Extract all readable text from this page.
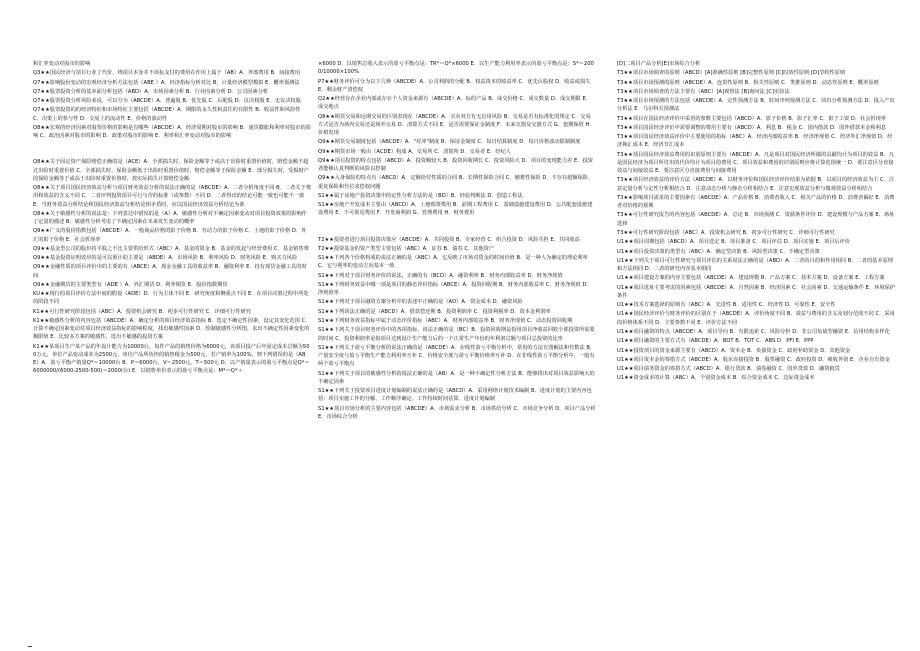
和汇率变动对股市的影响
Q3★★国民经济与项目行业了代价，绕项目本身并不该标支付的费用在作用上属于（AB）A．外部费用 B．间接费用
Q7★★影响股份变动的宏观经济分析方法包括（ABE ）A．经济指标分析对比 B．计量经济模型模拟 E．概率预测法
Q7★★股票投资分析的基本面分析包括（ABD）A．市场因素分析 B．行业因素分析 D．公司因素分析
Q7★★股票投资分析风险来说，可以分为（ABCDE）A．普遍股 B．优先股 C．后配股 D．议决权股 E．无议决权股
Q7★★股票投资的的经济特征和市场特征主要包括（ABCDE）A．期限的永久性和责任的有限性 B．收益性和风险性 C．决策上的参与性 D．交易上的流动性 E．价格的波动性
Q8★★宏观的经济因素对股票价格的影响是有哪些（ABCDE）A．经济周期对股市的影响 B．通货膨胀和利率对股市的影响 C．政治因素对股市的影响 D．政策对股市的影响 E．利率和汇率变动对股市的影响
Q8★★关于固定资产保险赔偿正确的是（ACE）A．全部损失时，保险金额等于或高于出险时重置价值时，赔偿金额不超过出险时重置价值 C．全部损失时，保险金额低于出险时重置价值时，赔偿金额等于保险金额 E．部分损失时，受损财产的保险金额等于或高于出险时重置价值时，按实际损失计算赔偿金额
Q8★★关于项目国民经济效益分析与项目财务效益分析的说法正确的是（ABCDE）A．二者分析角度不同 B．二者关于费用和效益的含义不同 C．二者评判投资项目可行与否的标准（或参数）不同 D．二者得出的结论可能一致也可能不一致 E．当财务效益分析结论和国民经济效益分析结论相矛盾时，应以国民经济效益分析结论为准
Q8★★关于敏感性分析的说法是：下列表达中错误的是（A）A．敏感性分析对不确定因素变动对项目投资效果的影响作了定量的描述 B．敏感性分析考虑了不确定因素在未来发生变动的概率
Q9★★广义的股价指数包括（ABCDE）A．一般商品价格的影子价格 B．劳动力的影子价格 C．土地的影子价格 D．外汇的影子价格 E．社会折现率
Q9★★基金型公司的股价持平股之不比主要供给形式（ABC）A．基金的资金 B．基金的发起与经营费用 C．基金销售费
Q9★★基金投资证明效应的是可以预计的主要是（ABDE）A．市场风险 B．利率风险 D．财务风险 E．购买力风险
Q9★★金融性质的项目评价中的主要的有（ABCE）A．现金金融工具的收益率 B．融资利率 E．持有现货金融工具的时间
Q9★★金融期货的主要类型有（ADE ）A．外汇期货 D．利率期货 E．股价指数期货
KU★★现行的项目评价方法中间的假设（ADE）D．行为主体不同 E．研究角度和侧重点不同 E．在项目决策过程中所处的阶段不同
K1★★可行性研究阶段包括（ABC）A．投资机会研究 B．初步可行性研究 C．详细可行性研究
K1★★敏感性分析的内容包括（ABCDE）A．确定分析的项目经济效益指标 B．选定不确定性因素，设定其变化范围 C．计算不确定因素变动对项目经济效益指标的影响程度，找出敏感性因素 D．绘制敏感性分析图，求出不确定性因素变化的极限值 E．比较多方案的敏感性，选出不敏感的投资方案
K1★★某项目生产某产品的年设计能力为10000台，每件产品的销售价格为6000元，该项目投产后年固定成本总额为500万元，单位产品变动成本为2500元，单位产品所负担的销售税金为500元，若产销率为100%，则下列错误的是（ABE）A．盈亏平衡产销量Q*＝10000台 B．P＝6000台，V＝2500元，T＝500元 D．以产销量表示的盈亏平衡点是Q*＝6000000/(6000-2500-500)＝2000(台) E．以销售单价表示的盈亏平衡点是：M*＝Q*＋
×6000 D．以销售总收入表示的盈亏平衡点是：TR*＝Q*×6000 E．以生产能力利用率表示的盈亏平衡点是：S*＝2000/10000×100%
P7★★财务评价可分为以下几种（ABCDE）A．公司利润的分配 B．权益资本的收益率 C．优先认股权 D．收益或损失 E．剩余财产清偿权
Q2★★经营存在企业内部或存在个人资金来源有（ABCDE）A．标的产品 B．成交价格 C．成交数量 D．成交期限 E．成交地点
Q8★★期货交易和远期交易的区别表现在（ABCDE）A．买卖双方有无信用风险 B．交易是否有标准化的规定 C．交易方式是否为场内交易还是场外交易 D．清算方式不同 E．是否需要保证金制度 F．未来交割及交割方式 G．套期保值 H．价格发现
Q9★★期货交易制度包括（ABCDE）A．"对冲"制度 B．保证金制度 C．每日结算制度 D．每日价格波动限制制度
Q9★★期货市场一般由（ACDE）构成 A．交易所 C．清算所 D．交易者 E．经纪人
Q9★★项目投资的特点包括（ABCD）A．投资额较大 B．投资回收期长 C．投资风险大 D．项目的变现能力差 E．投资者能够认真判断的风险以控制
Q9★★入身保险的特点有（ABCD）A．定额给付性质的合同 B．长期性保险合同 C．储蓄性保险 D．不存在超额保险、重复保险和代位求偿权问题
S1★★属于房地产投资决策中的定性分析方法的是（BD）B．经验判断法 D．创造工程法
S1★★房地产开发成本主要由（ABCD）A．土地购置费用 B．前期工程费用 C．基础设施建设费用 D．公共配套设施建设费用 E．不可预见费用 F．开发商利润 G．管理费用 H．财务费用
T2★★投资者进行项目投资决策应（ABCDE）A．共同投资 B．专家经营 C．组合投资 D．风险共担 E．共同收益
T2★★投资基金的资产类型主要包括（ABC）A．证券 B．债券 C．其他资产
S1★★下列各个价格构成的说法正确的是（ABC）A．它反映了市场对资金的时间价值 B．是一种人为确定的理论利率 C．它与利率的变动方向基本一致
S1★★下列对于项目财务评价的说法，正确的有（BCD）A．融资利率 B．财务内部收益率 D．财务净现值
S1★★下列财务效益中哪一项是项目的静态评价指标（ABCE）A．投资回收期 B．财务内部收益率 C．财务净现值 D．净现值率
S1★★下列对于项目融资方案分析中的表述中正确的是（AD）A．资金成本 D．融资风险
S1★★下列说法正确的是（ABCD）A．借款偿还期 B．投资利润率 C．投资利税率 D．资本金利润率
S1★★下列财务效益指标中属于动态评价指标（ABC）A．财务内部收益率 B．财务净现值 C．动态投资回收期
S1★★下列关于项目财务评价中的各项指标，说法正确的是（BC）B．投资回收期是指用项目净收益回收全部投资所需要的时间 C．投资利润率是指项目达到设计生产能力后的一个正常生产年份的年利润总额与项目总投资的比率
S1★★下列关于盈亏平衡分析的说法正确的是（ABCDE）A．在线性盈亏平衡分析中，常用的方法有图解法和代数法 B．产量安全度与盈亏平衡生产能力利用率互补 C．价格安全度与盈亏平衡价格率互补 D．在非线性盈亏平衡分析中，一般有两个盈亏平衡点
S1★★下列关于项目的敏感性分析的说法正确的是（AB）A．是一种不确定性分析方法 B．能够找出对项目效益影响大的不确定因素
S1★★下列关于投资项目进度计划编制的说法正确的是（ABCD）A．采用网络计划技术编制 B．进度计划的主要内容包括：项目实施工作的分解、工作顺序确定、工作持续时间估算、进度计划编制
S1★★项目市场分析的主要内容包括（ABCDE）A．市场需求分析 B．市场供给分析 C．市场竞争分析 D．项目产品分析 E．市场综合分析
[D]二项目产品分析[E]市场综合分析
T3★★项目市场调查的原则（ABCD）[A]准确性原则 [B]完整性原则 [C]时效性原则 [D]节约性原则
T3★★项目市场预测的原则（ABCDE）A．连贯性原则 B．相关性原则 C．类推原则 D．动态性原则 E．概率原则
T3★★项目市场调查的方法主要有（ABC）[A]观察法 [B]询问法 [C]实验法
T3★★项目市场预测的方法包括（ABCDE）A．定性预测方法 B．时间序列预测方法 C．回归分析预测方法 D．投入产出分析法 E．马尔科夫预测法
T3★★项目在国民经济评价中采用的参数主要包括（ABCD）A．影子价格 B．影子汇率 C．影子工资 D．社会折现率
T3★★项目国民经济评价中需要调整的费用主要有（ABCD）A．利息 B．税金 C．国内借款 D．国外借款本金和利息
T3★★项目国民经济效益评价中主要使用的指标（ABC）A．经济内部收益率 B．经济净现值 C．经济外汇净现值 D．经济换汇成本 E．经济节汇成本
T3★★项目国民经济效益费用的识别原则主要有（ABCDE）A．凡是项目对国民经济所做的贡献均计为项目的效益 B．凡是国民经济为项目所付出的代价均计为项目的费用 C．项目效益和费用的识别原则应将计算范围统一 D．要注意区分直接效益与间接效益 E．要注意区分直接费用与间接费用
T3★★项目经济效益的评价方法（ABCDE）A．以财务评价和国民经济评价结果为依据 B．以项目的经济效益为主 C．注意定量分析与定性分析相结合 D．注意动态分析与静态分析相结合 E．注意宏观效益分析与微观效益分析相结合
T3★★影响项目需求的主要因素有（ABCDE）A．产品价格 B．消费者收入 C．相关产品的价格 D．消费者偏好 E．消费者对价格的预期
T3★★可行性研究报告的内容包括（ABCDE）A．总论 B．市场预测 C．资源条件评价 D．建设规模与产品方案 E．场址选择
T3★★可行性研究阶段包括（ABC）A．投资机会研究 B．初步可行性研究 C．详细可行性研究
U1★★项目周期包括（ABCD）A．项目选定 B．项目准备 C．项目评估 D．项目实施 E．项目后评价
U1★★项目投资决策的类型有（ABC）A．确定型决策 B．风险型决策 C．不确定型决策
U1★★下列关于项目可行性研究与项目评估的关系说法正确的是（ABD）A．二者的目的和作用相同 B．二者的基本原理和方法相同 D．二者的研究内容基本相同
U1★★项目建设方案的内容主要包括（ABCDE）A．建设规模 B．产品方案 C．技术方案 D．设备方案 E．工程方案
U1★★项目选址主要考虑的因素包括（ABCDE）A．自然因素 B．经济因素 C．社会因素 D．交通运输条件 E．环境保护条件
U1★★技术方案选择的原则有（ABC）A．先进性 B．适用性 C．经济性 D．可靠性 E．安全性
U1★★国民经济评价与财务评价的区别在于（ABCDE）A．评价角度不同 B．效益与费用的含义及划分范围不同 C．采用的价格体系不同 D．主要参数不同 E．评价方法不同
U1★★项目融资的特点（ABCDE）A．项目导向 B．有限追索 C．风险分担 D．非公司负债型融资 E．信用结构多样化
U1★★项目融资的主要方式有（ABCDE）A．BOT B．TOT C．ABS D．PFI E．PPP
U1★★投资项目的资金来源主要有（ABCD）A．资本金 B．负债资金 C．政府补助资金 D．其他资金
U1★★项目资本金的筹措方式（ABCDE）A．股东直接投资 B．股票融资 C．政府投资 D．吸收外资 E．企业自有资金
U1★★项目债务资金的筹措方式（ABCD）A．银行贷款 B．债券融资 C．国外贷款 D．融资租赁
U1★★资金成本的计算（ABC）A．个别资金成本 B．综合资金成本 C．边际资金成本
